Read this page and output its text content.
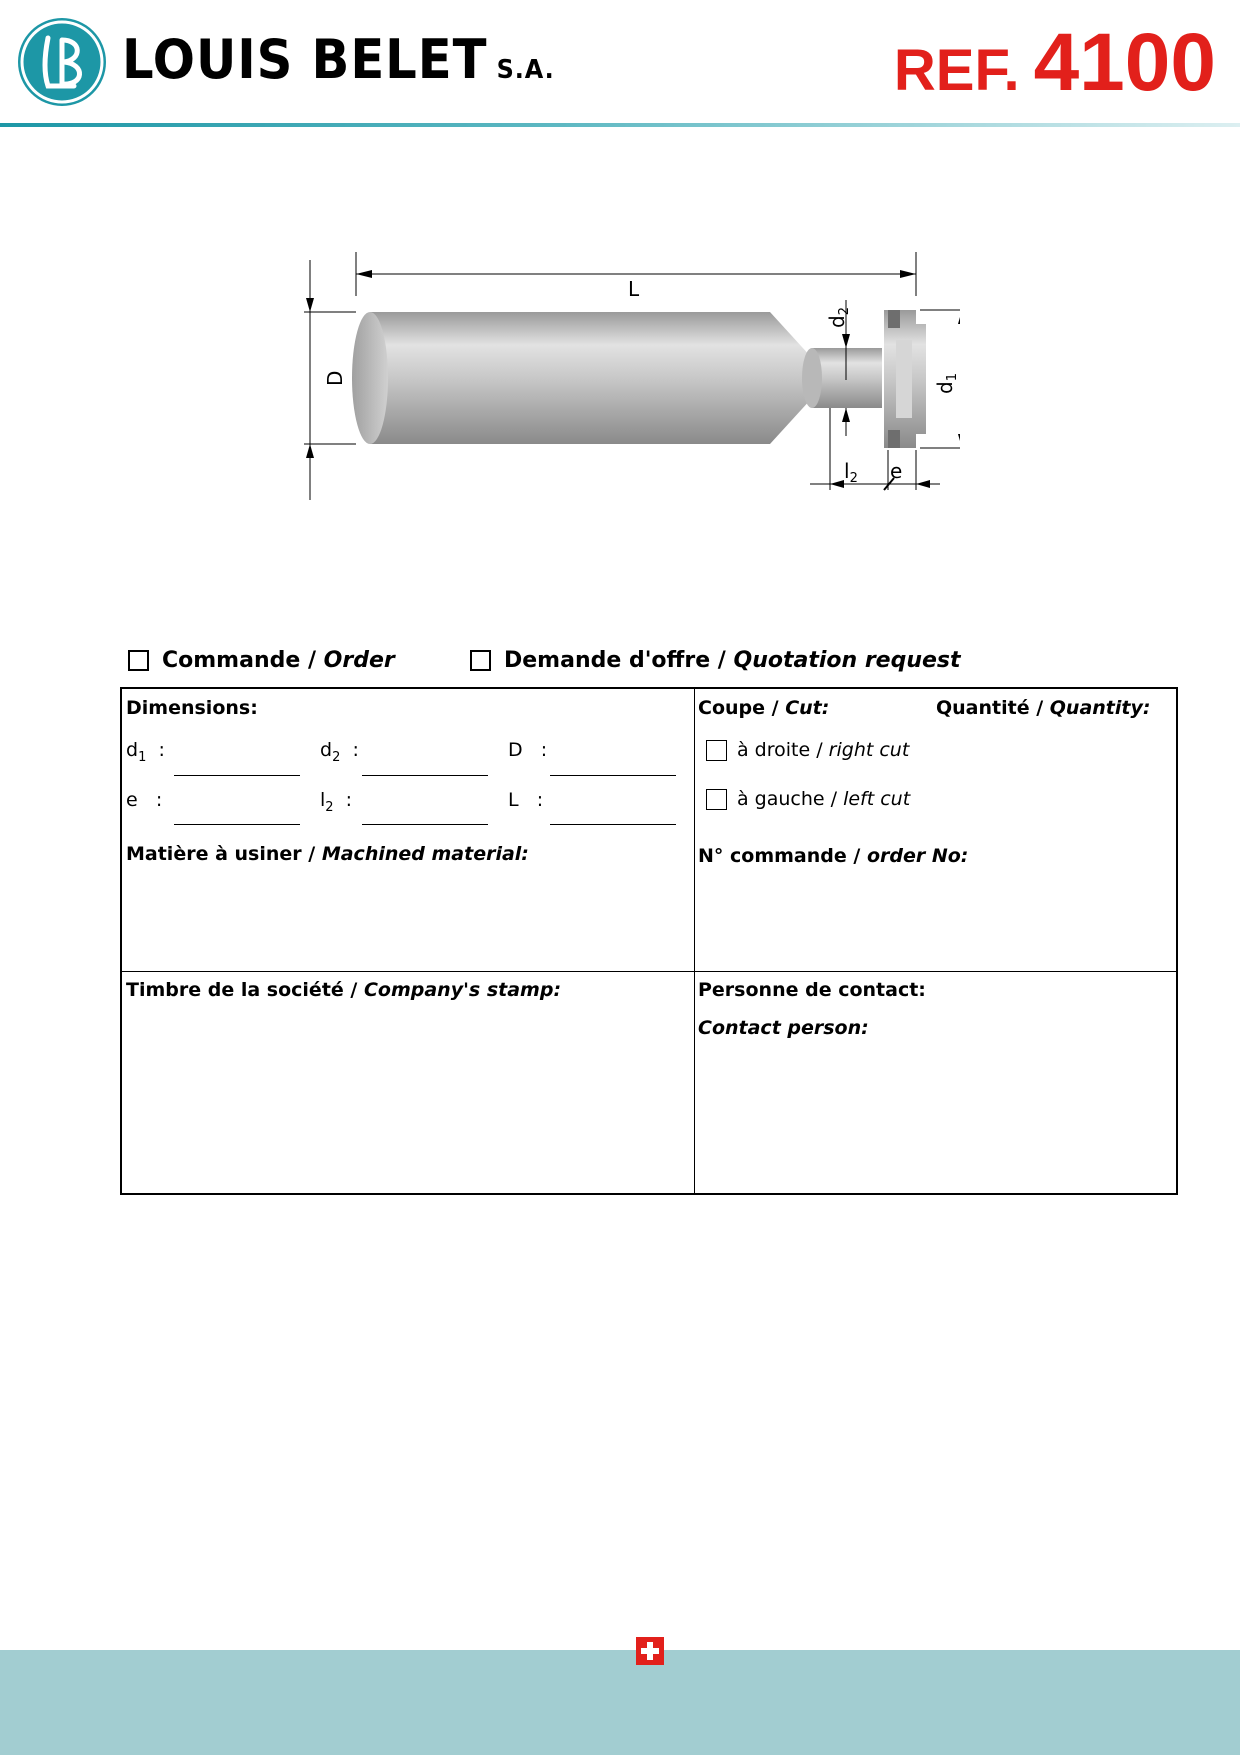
LOUIS BELET S.A.	REF. 4100
L
D
$d_2$
$d_1$
$l_2$ e
Commande / Order	Demande d'offre / Quotation request
Dimensions:
$d_1$ :	$d_2$ :	D :
e :	$l_2$ :	L :
Matière à usiner / Machined material:
Coupe / Cut:	Quantité / Quantity:
à droite /
right cut
à gauche /
left cut
N° commande / order No:
Timbre de la société / Company's stamp:	Personne de contact:
Contact person:
